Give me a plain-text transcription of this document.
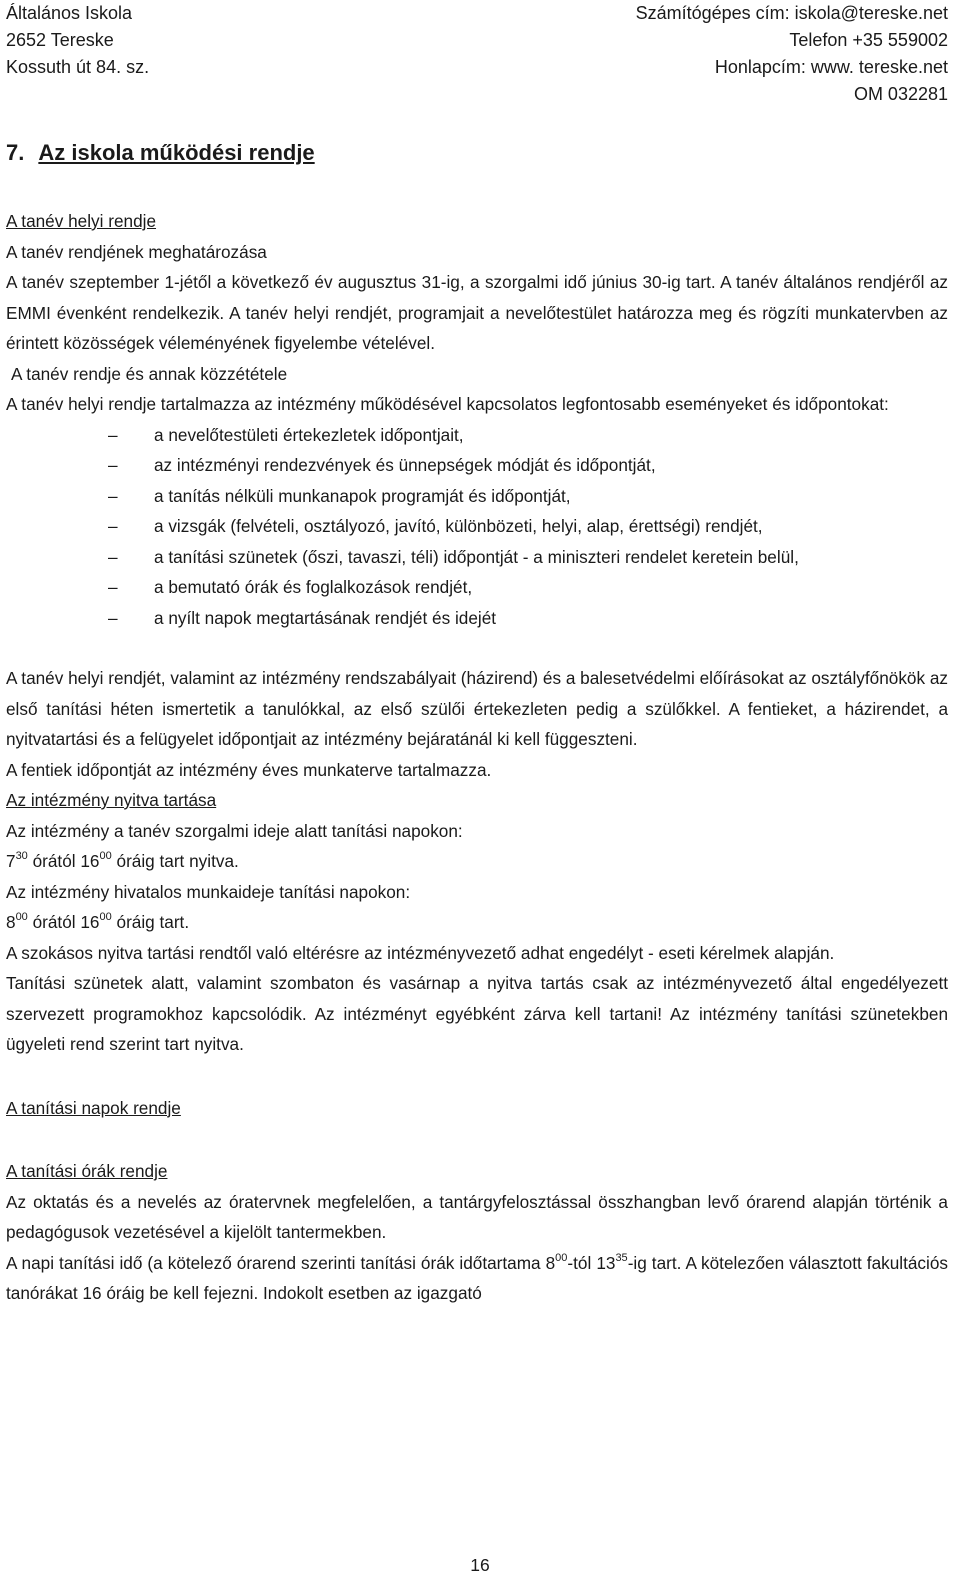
Általános Iskola
2652 Tereske
Kossuth út 84. sz.
Számítógépes cím: iskola@tereske.net
Telefon +35 559002
Honlapcím: www. tereske.net
OM 032281
7. Az iskola működési rendje

A tanév helyi rendje

A tanév rendjének meghatározása

A tanév szeptember 1-jétől a következő év augusztus 31-ig, a szorgalmi idő június 30-ig tart. A tanév általános rendjéről az EMMI évenként rendelkezik. A tanév helyi rendjét, programjait a nevelőtestület határozza meg és rögzíti munkatervben az érintett közösségek véleményének figyelembe vételével.

A tanév rendje és annak közzététele

A tanév helyi rendje tartalmazza az intézmény működésével kapcsolatos legfontosabb eseményeket és időpontokat:

– a nevelőtestületi értekezletek időpontjait,
– az intézményi rendezvények és ünnepségek módját és időpontját,
– a tanítás nélküli munkanapok programját és időpontját,
– a vizsgák (felvételi, osztályozó, javító, különbözeti, helyi, alap, érettségi) rendjét,
– a tanítási szünetek (őszi, tavaszi, téli) időpontját - a miniszteri rendelet keretein belül,
– a bemutató órák és foglalkozások rendjét,
– a nyílt napok megtartásának rendjét és idejét

A tanév helyi rendjét, valamint az intézmény rendszabályait (házirend) és a balesetvédelmi előírásokat az osztályfőnökök az első tanítási héten ismertetik a tanulókkal, az első szülői értekezleten pedig a szülőkkel. A fentieket, a házirendet, a nyitvatartási és a felügyelet időpontjait az intézmény bejáratánál ki kell függeszteni.

A fentiek időpontját az intézmény éves munkaterve tartalmazza.

Az intézmény nyitva tartása

Az intézmény a tanév szorgalmi ideje alatt tanítási napokon:

$7^{30}$ órától $16^{00}$ óráig tart nyitva.

Az intézmény hivatalos munkaideje tanítási napokon:

$8^{00}$ órától $16^{00}$ óráig tart.

A szokásos nyitva tartási rendtől való eltérésre az intézményvezető adhat engedélyt - eseti kérelmek alapján.

Tanítási szünetek alatt, valamint szombaton és vasárnap a nyitva tartás csak az intézményvezető által engedélyezett szervezett programokhoz kapcsolódik. Az intézményt egyébként zárva kell tartani! Az intézmény tanítási szünetekben ügyeleti rend szerint tart nyitva.

A tanítási napok rendje

A tanítási órák rendje

Az oktatás és a nevelés az óratervnek megfelelően, a tantárgyfelosztással összhangban levő órarend alapján történik a pedagógusok vezetésével a kijelölt tantermekben.

A napi tanítási idő (a kötelező órarend szerinti tanítási órák időtartama $8^{00}$-tól $13^{35}-ig$ tart. A kötelezően választott fakultációs tanórákat 16 óráig be kell fejezni. Indokolt esetben az igazgató

16
